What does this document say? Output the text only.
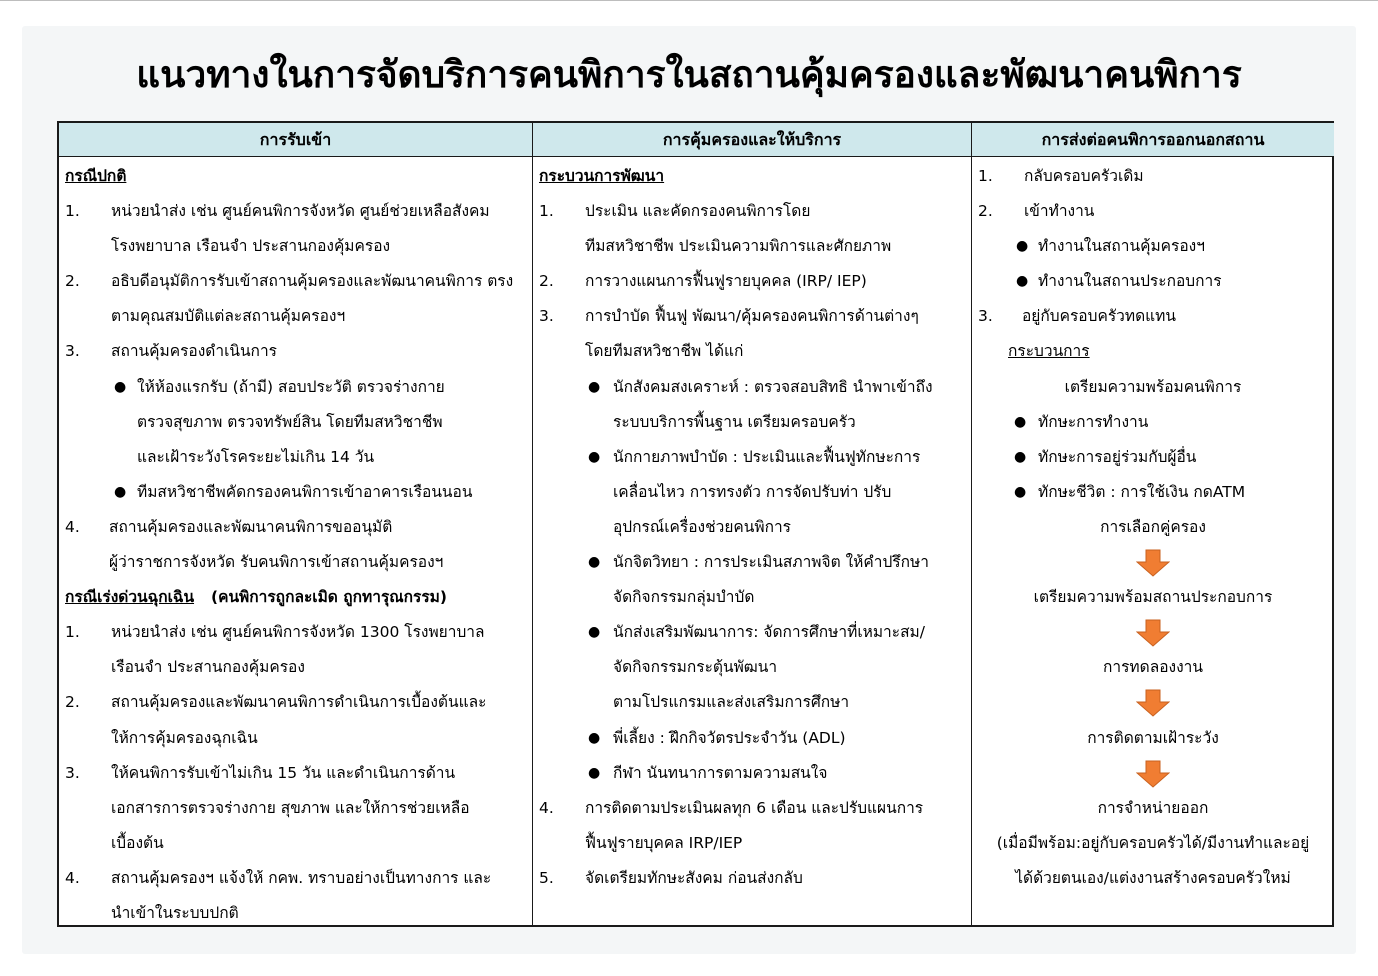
แนวทางในการจัดบริการคนพิการในสถานคุ้มครองและพัฒนาคนพิการ
การรับเข้า
กรณีปกติ
1. หน่วยนำส่ง เช่น ศูนย์คนพิการจังหวัด ศูนย์ช่วยเหลือสังคม
โรงพยาบาล เรือนจำ ประสานกองคุ้มครอง
2. อธิบดีอนุมัติการรับเข้าสถานคุ้มครองและพัฒนาคนพิการ ตรง
ตามคุณสมบัติแต่ละสถานคุ้มครองฯ
3. สถานคุ้มครองดำเนินการ
● ให้ห้องแรกรับ (ถ้ามี) สอบประวัติ ตรวจร่างกาย
ตรวจสุขภาพ ตรวจทรัพย์สิน โดยทีมสหวิชาชีพ
และเฝ้าระวังโรคระยะไม่เกิน 14 วัน
● ทีมสหวิชาชีพคัดกรองคนพิการเข้าอาคารเรือนนอน
4. สถานคุ้มครองและพัฒนาคนพิการขออนุมัติ
ผู้ว่าราชการจังหวัด รับคนพิการเข้าสถานคุ้มครองฯ
กรณีเร่งด่วนฉุกเฉิน (คนพิการถูกละเมิด ถูกทารุณกรรม)
1. หน่วยนำส่ง เช่น ศูนย์คนพิการจังหวัด 1300 โรงพยาบาล
เรือนจำ ประสานกองคุ้มครอง
2. สถานคุ้มครองและพัฒนาคนพิการดำเนินการเบื้องต้นและ
ให้การคุ้มครองฉุกเฉิน
3. ให้คนพิการรับเข้าไม่เกิน 15 วัน และดำเนินการด้าน
เอกสารการตรวจร่างกาย สุขภาพ และให้การช่วยเหลือ
เบื้องต้น
4. สถานคุ้มครองฯ แจ้งให้ กคพ. ทราบอย่างเป็นทางการ และ
นำเข้าในระบบปกติ
การคุ้มครองและให้บริการ
กระบวนการพัฒนา
1. ประเมิน และคัดกรองคนพิการโดย
ทีมสหวิชาชีพ ประเมินความพิการและศักยภาพ
2. การวางแผนการฟื้นฟูรายบุคคล (IRP/ IEP)
3. การบำบัด ฟื้นฟู พัฒนา/คุ้มครองคนพิการด้านต่างๆ
โดยทีมสหวิชาชีพ ได้แก่
● นักสังคมสงเคราะห์ : ตรวจสอบสิทธิ นำพาเข้าถึง
ระบบบริการพื้นฐาน เตรียมครอบครัว
● นักกายภาพบำบัด : ประเมินและฟื้นฟูทักษะการ
เคลื่อนไหว การทรงตัว การจัดปรับท่า ปรับ
อุปกรณ์เครื่องช่วยคนพิการ
● นักจิตวิทยา : การประเมินสภาพจิต ให้คำปรึกษา
จัดกิจกรรมกลุ่มบำบัด
● นักส่งเสริมพัฒนาการ: จัดการศึกษาที่เหมาะสม/
จัดกิจกรรมกระตุ้นพัฒนา
ตามโปรแกรมและส่งเสริมการศึกษา
● พี่เลี้ยง : ฝึกกิจวัตรประจำวัน (ADL)
● กีฬา นันทนาการตามความสนใจ
4. การติดตามประเมินผลทุก 6 เดือน และปรับแผนการ
ฟื้นฟูรายบุคคล IRP/IEP
5. จัดเตรียมทักษะสังคม ก่อนส่งกลับ
การส่งต่อคนพิการออกนอกสถาน
1. กลับครอบครัวเดิม
2. เข้าทำงาน
● ทำงานในสถานคุ้มครองฯ
● ทำงานในสถานประกอบการ
3. อยู่กับครอบครัวทดแทน
กระบวนการ
เตรียมความพร้อมคนพิการ
● ทักษะการทำงาน
● ทักษะการอยู่ร่วมกับผู้อื่น
● ทักษะชีวิต : การใช้เงิน กดATM
การเลือกคู่ครอง
เตรียมความพร้อมสถานประกอบการ
การทดลองงาน
การติดตามเฝ้าระวัง
การจำหน่ายออก
(เมื่อมีพร้อม:อยู่กับครอบครัวได้/มีงานทำและอยู่
ได้ด้วยตนเอง/แต่งงานสร้างครอบครัวใหม่
